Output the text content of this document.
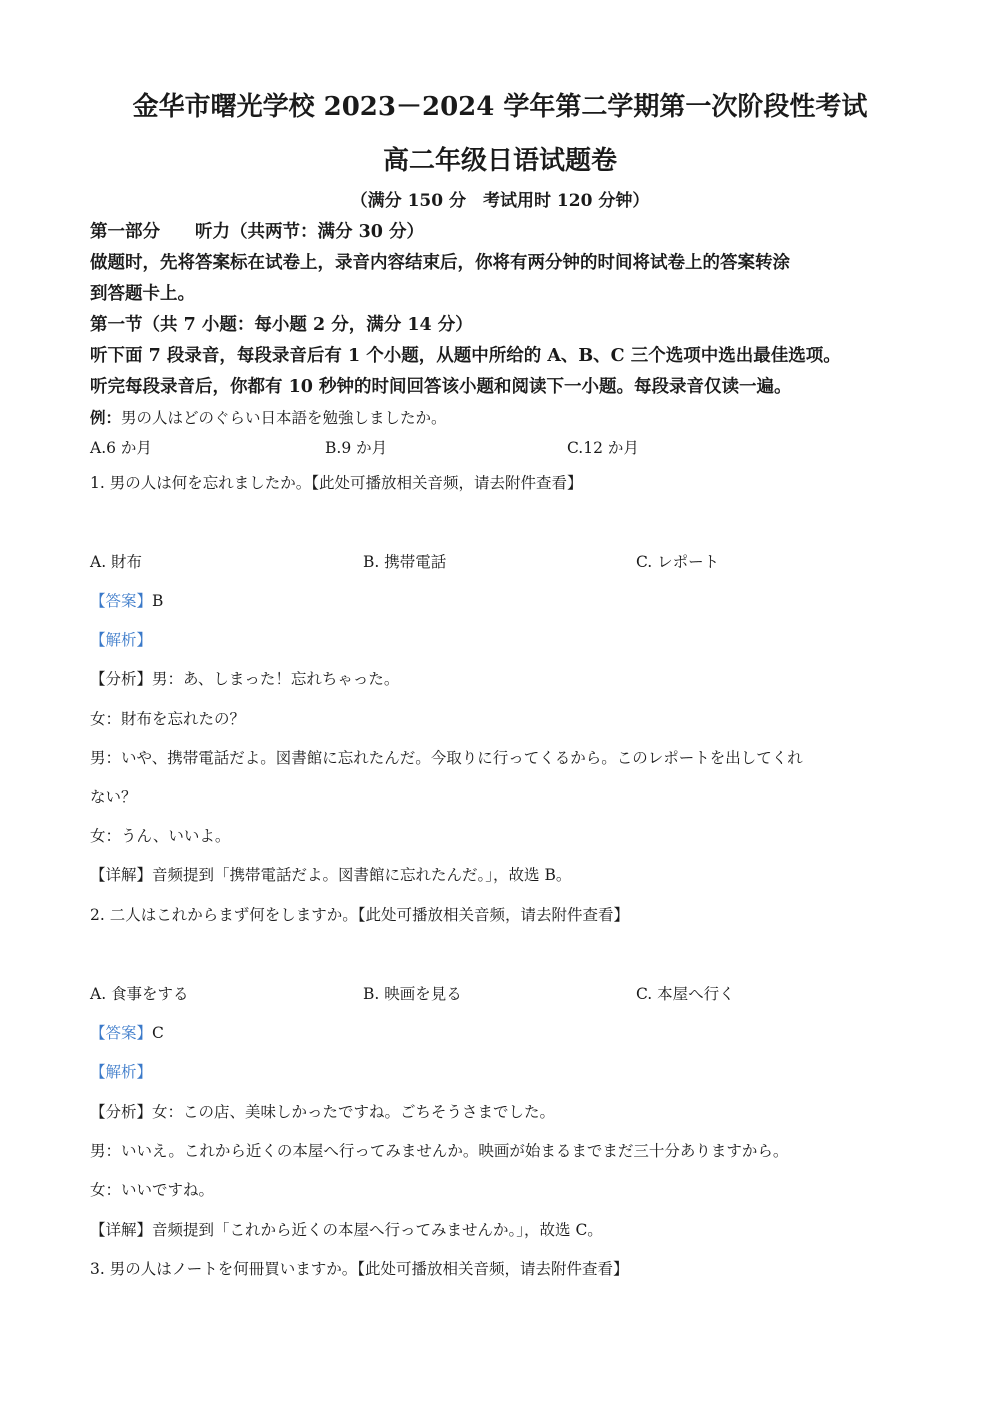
金华市曙光学校 2023－2024 学年第二学期第一次阶段性考试
高二年级日语试题卷
（满分 150 分　考试用时 120 分钟）
第一部分　　听力（共两节：满分 30 分）
做题时，先将答案标在试卷上，录音内容结束后，你将有两分钟的时间将试卷上的答案转涂
到答题卡上。
第一节（共 7 小题：每小题 2 分，满分 14 分）
听下面 7 段录音，每段录音后有 1 个小题，从题中所给的 A、B、C 三个选项中选出最佳选项。
听完每段录音后，你都有 10 秒钟的时间回答该小题和阅读下一小题。每段录音仅读一遍。
例：男の人はどのぐらい日本語を勉強しましたか。
A.6 か月	B.9 か月	C.12 か月
1. 男の人は何を忘れましたか。【此处可播放相关音频，请去附件查看】
A. 財布	B. 携帯電話	C. レポート
【答案】B
【解析】
【分析】男：あ、しまった！忘れちゃった。
女：財布を忘れたの？
男：いや、携帯電話だよ。図書館に忘れたんだ。今取りに行ってくるから。このレポートを出してくれ
ない？
女：うん、いいよ。
【详解】音频提到「携帯電話だよ。図書館に忘れたんだ。」，故选 B。
2. 二人はこれからまず何をしますか。【此处可播放相关音频，请去附件查看】
A. 食事をする	B. 映画を見る	C. 本屋へ行く
【答案】C
【解析】
【分析】女：この店、美味しかったですね。ごちそうさまでした。
男：いいえ。これから近くの本屋へ行ってみませんか。映画が始まるまでまだ三十分ありますから。
女：いいですね。
【详解】音频提到「これから近くの本屋へ行ってみませんか。」，故选 C。
3. 男の人はノートを何冊買いますか。【此处可播放相关音频，请去附件查看】
